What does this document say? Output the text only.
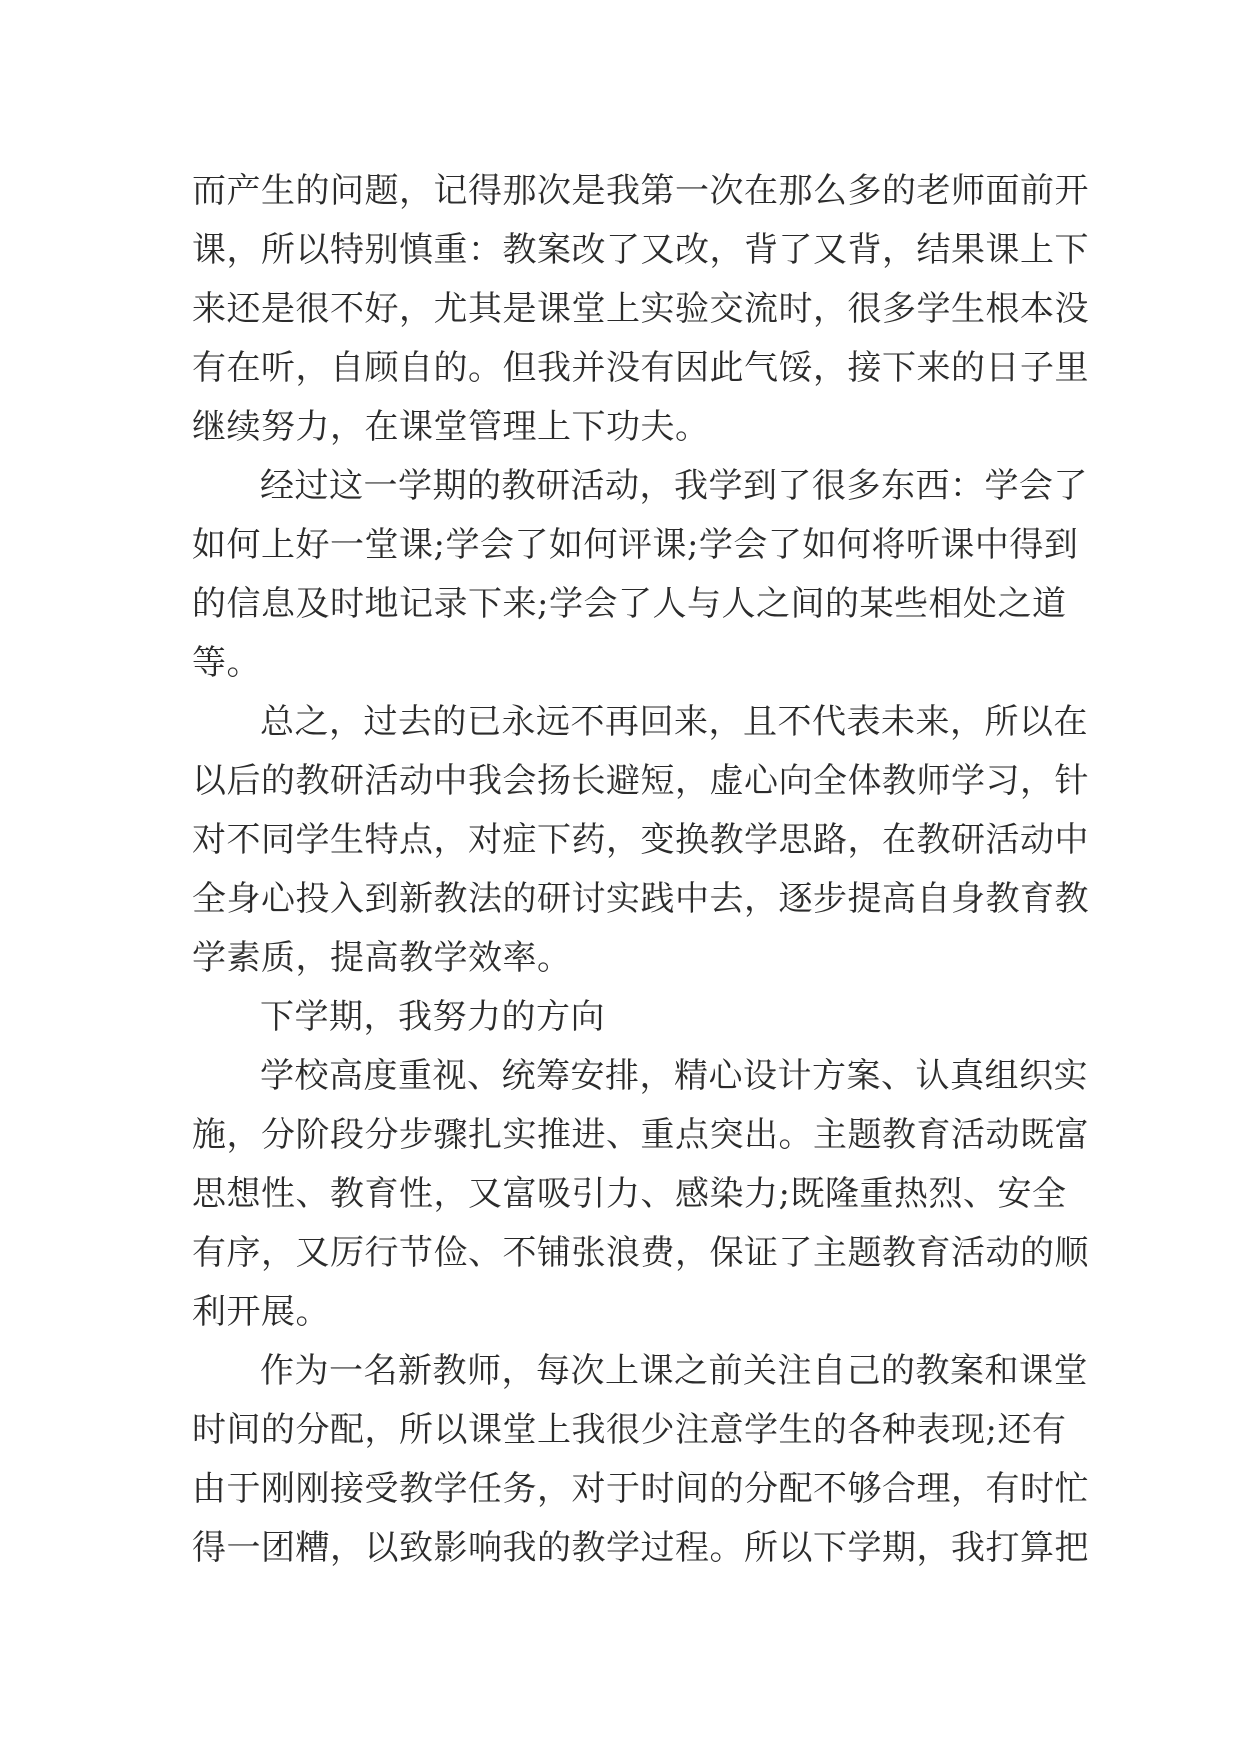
而产生的问题，记得那次是我第一次在那么多的老师面前开
课，所以特别慎重：教案改了又改，背了又背，结果课上下
来还是很不好，尤其是课堂上实验交流时，很多学生根本没
有在听，自顾自的。但我并没有因此气馁，接下来的日子里
继续努力，在课堂管理上下功夫。
经过这一学期的教研活动，我学到了很多东西：学会了
如何上好一堂课;学会了如何评课;学会了如何将听课中得到
的信息及时地记录下来;学会了人与人之间的某些相处之道
等。
总之，过去的已永远不再回来，且不代表未来，所以在
以后的教研活动中我会扬长避短，虚心向全体教师学习，针
对不同学生特点，对症下药，变换教学思路，在教研活动中
全身心投入到新教法的研讨实践中去，逐步提高自身教育教
学素质，提高教学效率。
下学期，我努力的方向
学校高度重视、统筹安排，精心设计方案、认真组织实
施，分阶段分步骤扎实推进、重点突出。主题教育活动既富
思想性、教育性，又富吸引力、感染力;既隆重热烈、安全
有序，又厉行节俭、不铺张浪费，保证了主题教育活动的顺
利开展。
作为一名新教师，每次上课之前关注自己的教案和课堂
时间的分配，所以课堂上我很少注意学生的各种表现;还有
由于刚刚接受教学任务，对于时间的分配不够合理，有时忙
得一团糟，以致影响我的教学过程。所以下学期，我打算把
